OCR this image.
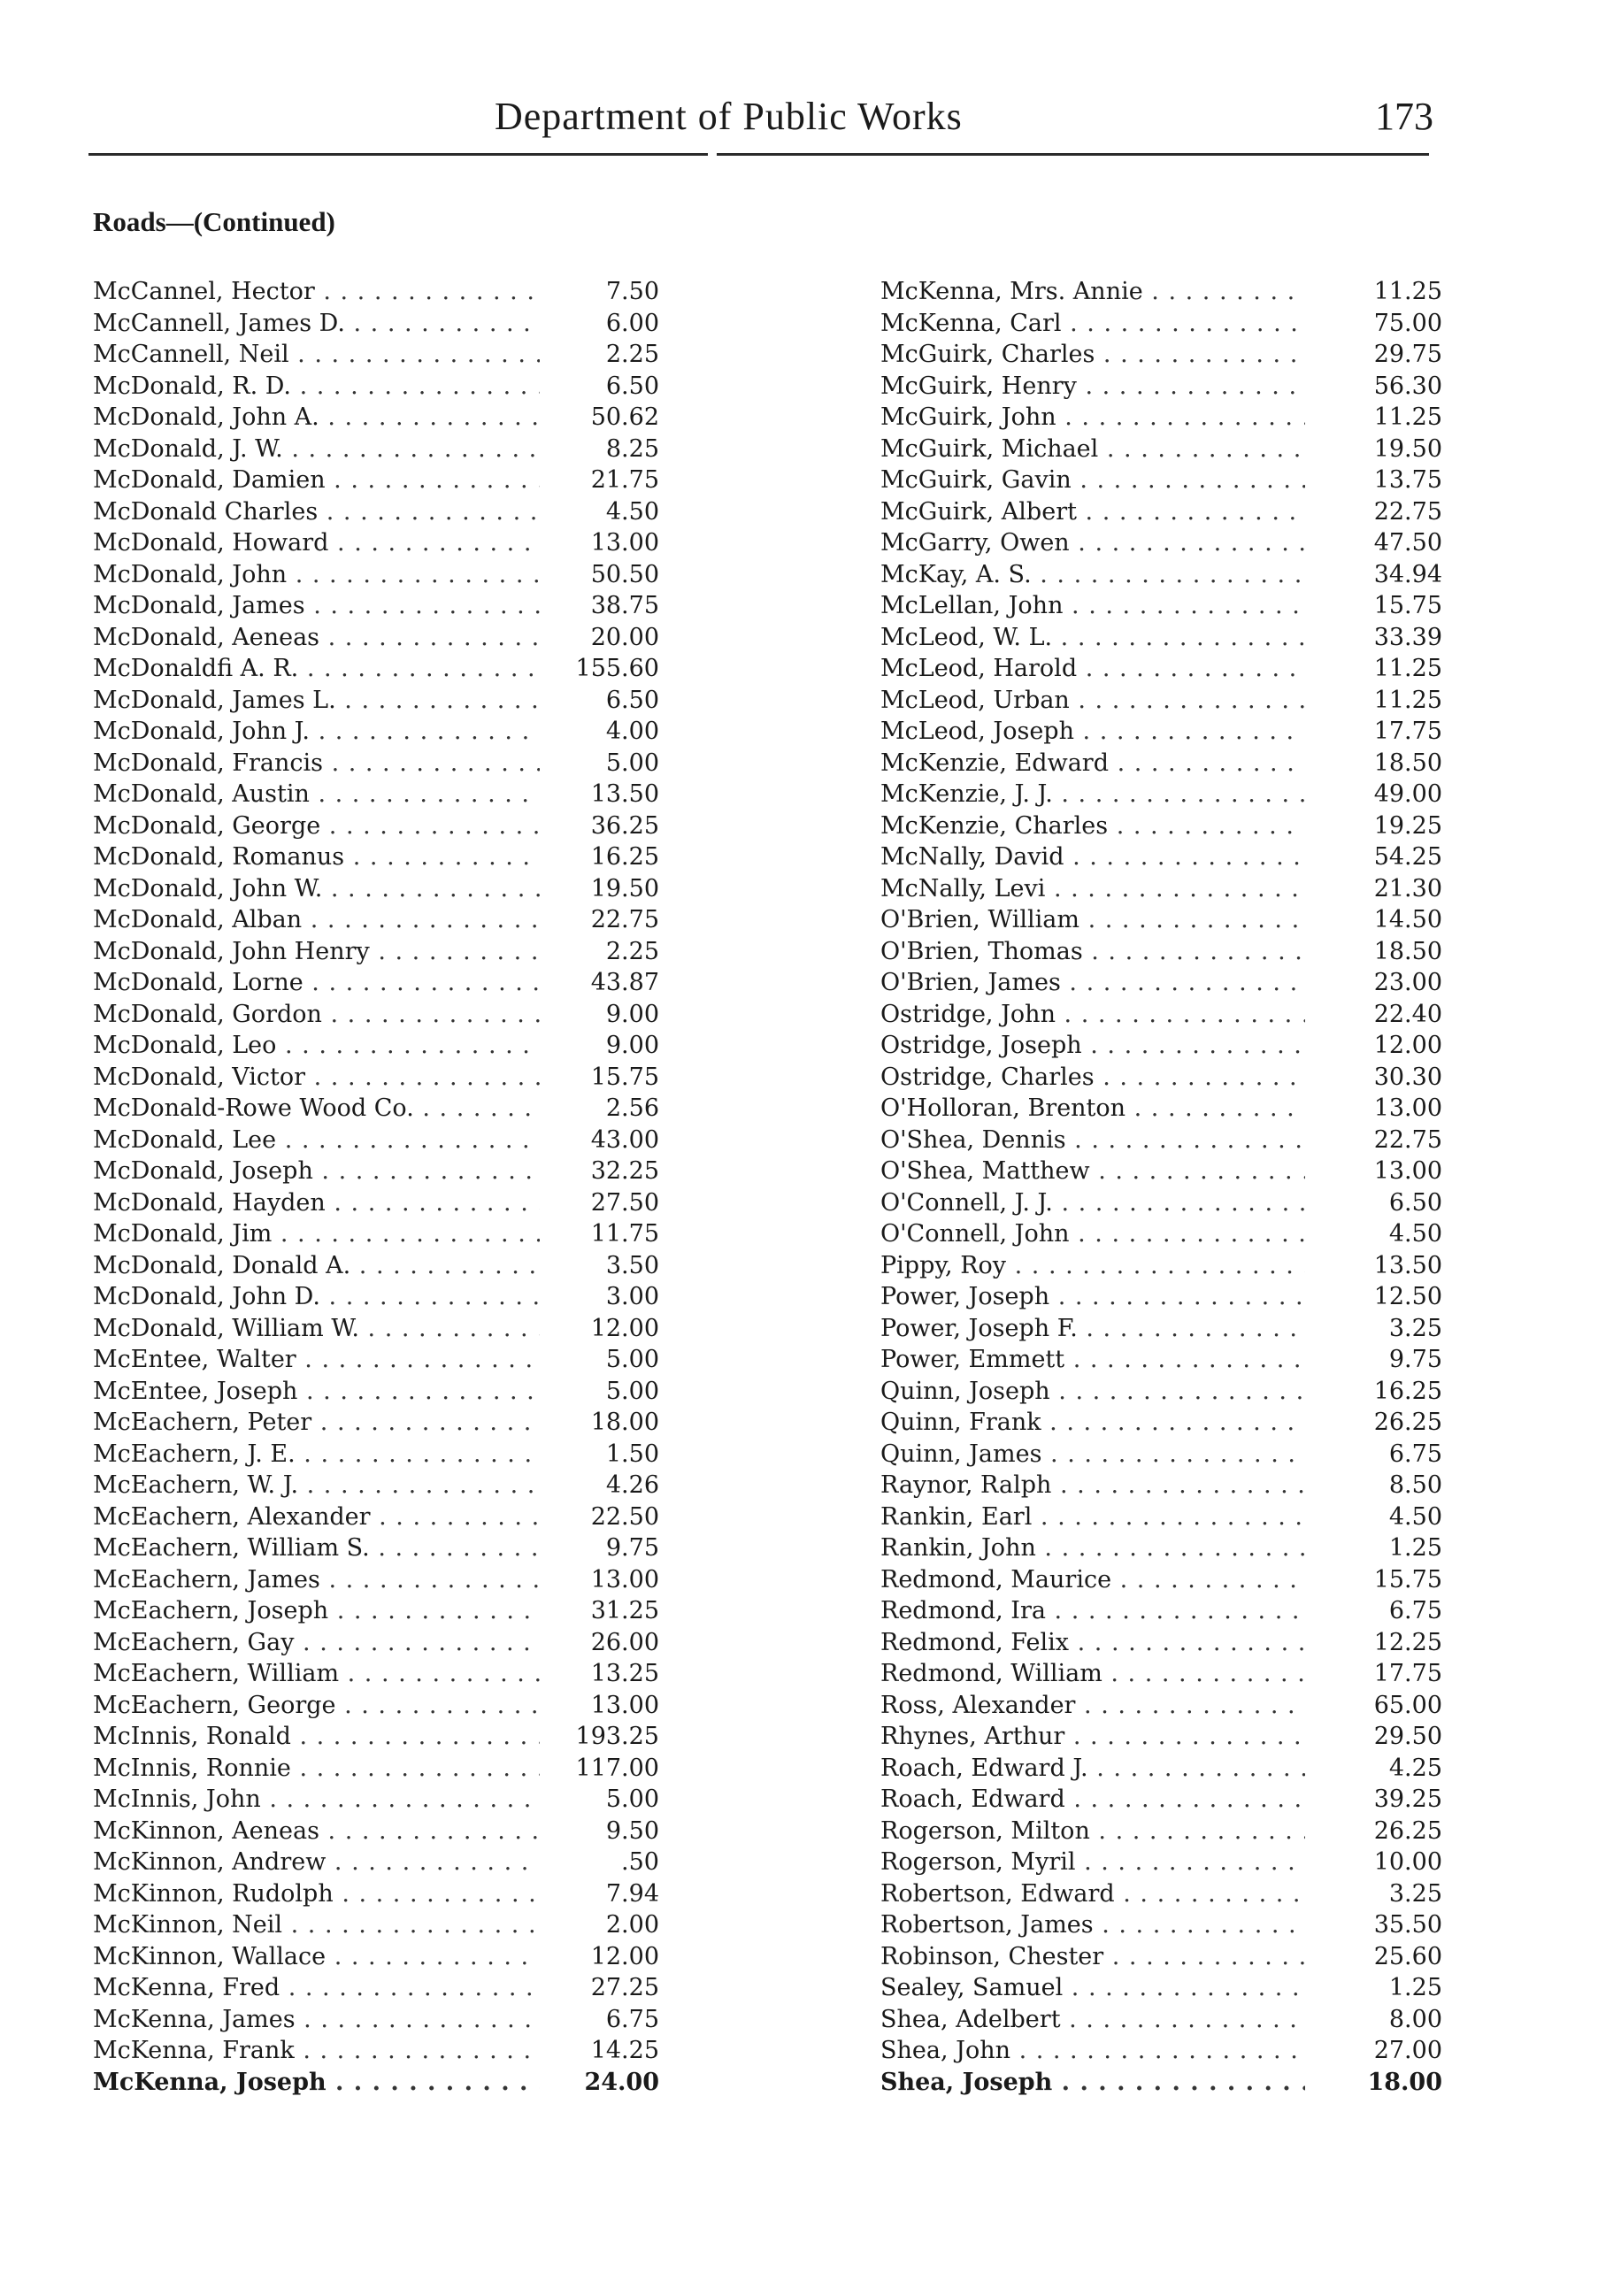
Department of Public Works	173
Roads—(Continued)
McCannel, Hector . . .	7.50
McCannell, James D. . . .	6.00
McCannell, Neil . . .	2.25
McDonald, R. D. . . .	6.50
McDonald, John A. . . .	50.62
McDonald, J. W. . . .	8.25
McDonald, Damien . . .	21.75
McDonald Charles . . .	4.50
McDonald, Howard . . .	13.00
McDonald, John . . .	50.50
McDonald, James . . .	38.75
McDonald, Aeneas . . .	20.00
McDonaldfi A. R. . . .	155.60
McDonald, James L. . . .	6.50
McDonald, John J. . . .	4.00
McDonald, Francis . . .	5.00
McDonald, Austin . . .	13.50
McDonald, George . . .	36.25
McDonald, Romanus . . .	16.25
McDonald, John W. . . .	19.50
McDonald, Alban . . .	22.75
McDonald, John Henry . . .	2.25
McDonald, Lorne . . .	43.87
McDonald, Gordon . . .	9.00
McDonald, Leo . . .	9.00
McDonald, Victor . . .	15.75
McDonald-Rowe Wood Co. . . .	2.56
McDonald, Lee . . .	43.00
McDonald, Joseph . . .	32.25
McDonald, Hayden . . .	27.50
McDonald, Jim . . .	11.75
McDonald, Donald A. . . .	3.50
McDonald, John D. . . .	3.00
McDonald, William W. . . .	12.00
McEntee, Walter . . .	5.00
McEntee, Joseph . . .	5.00
McEachern, Peter . . .	18.00
McEachern, J. E. . . .	1.50
McEachern, W. J. . . .	4.26
McEachern, Alexander . . .	22.50
McEachern, William S. . . .	9.75
McEachern, James . . .	13.00
McEachern, Joseph . . .	31.25
McEachern, Gay . . .	26.00
McEachern, William . . .	13.25
McEachern, George . . .	13.00
McInnis, Ronald . . .	193.25
McInnis, Ronnie . . .	117.00
McInnis, John . . .	5.00
McKinnon, Aeneas . . .	9.50
McKinnon, Andrew . . .	.50
McKinnon, Rudolph . . .	7.94
McKinnon, Neil . . .	2.00
McKinnon, Wallace . . .	12.00
McKenna, Fred . . .	27.25
McKenna, James . . .	6.75
McKenna, Frank . . .	14.25
McKenna, Joseph . . .	24.00
McKenna, Mrs. Annie . . .	11.25
McKenna, Carl . . .	75.00
McGuirk, Charles . . .	29.75
McGuirk, Henry . . .	56.30
McGuirk, John . . .	11.25
McGuirk, Michael . . .	19.50
McGuirk, Gavin . . .	13.75
McGuirk, Albert . . .	22.75
McGarry, Owen . . .	47.50
McKay, A. S. . . .	34.94
McLellan, John . . .	15.75
McLeod, W. L. . . .	33.39
McLeod, Harold . . .	11.25
McLeod, Urban . . .	11.25
McLeod, Joseph . . .	17.75
McKenzie, Edward . . .	18.50
McKenzie, J. J. . . .	49.00
McKenzie, Charles . . .	19.25
McNally, David . . .	54.25
McNally, Levi . . .	21.30
O'Brien, William . . .	14.50
O'Brien, Thomas . . .	18.50
O'Brien, James . . .	23.00
Ostridge, John . . .	22.40
Ostridge, Joseph . . .	12.00
Ostridge, Charles . . .	30.30
O'Holloran, Brenton . . .	13.00
O'Shea, Dennis . . .	22.75
O'Shea, Matthew . . .	13.00
O'Connell, J. J. . . .	6.50
O'Connell, John . . .	4.50
Pippy, Roy . . .	13.50
Power, Joseph . . .	12.50
Power, Joseph F. . . .	3.25
Power, Emmett . . .	9.75
Quinn, Joseph . . .	16.25
Quinn, Frank . . .	26.25
Quinn, James . . .	6.75
Raynor, Ralph . . .	8.50
Rankin, Earl . . .	4.50
Rankin, John . . .	1.25
Redmond, Maurice . . .	15.75
Redmond, Ira . . .	6.75
Redmond, Felix . . .	12.25
Redmond, William . . .	17.75
Ross, Alexander . . .	65.00
Rhynes, Arthur . . .	29.50
Roach, Edward J. . . .	4.25
Roach, Edward . . .	39.25
Rogerson, Milton . . .	26.25
Rogerson, Myril . . .	10.00
Robertson, Edward . . .	3.25
Robertson, James . . .	35.50
Robinson, Chester . . .	25.60
Sealey, Samuel . . .	1.25
Shea, Adelbert . . .	8.00
Shea, John . . .	27.00
Shea, Joseph . . .	18.00
